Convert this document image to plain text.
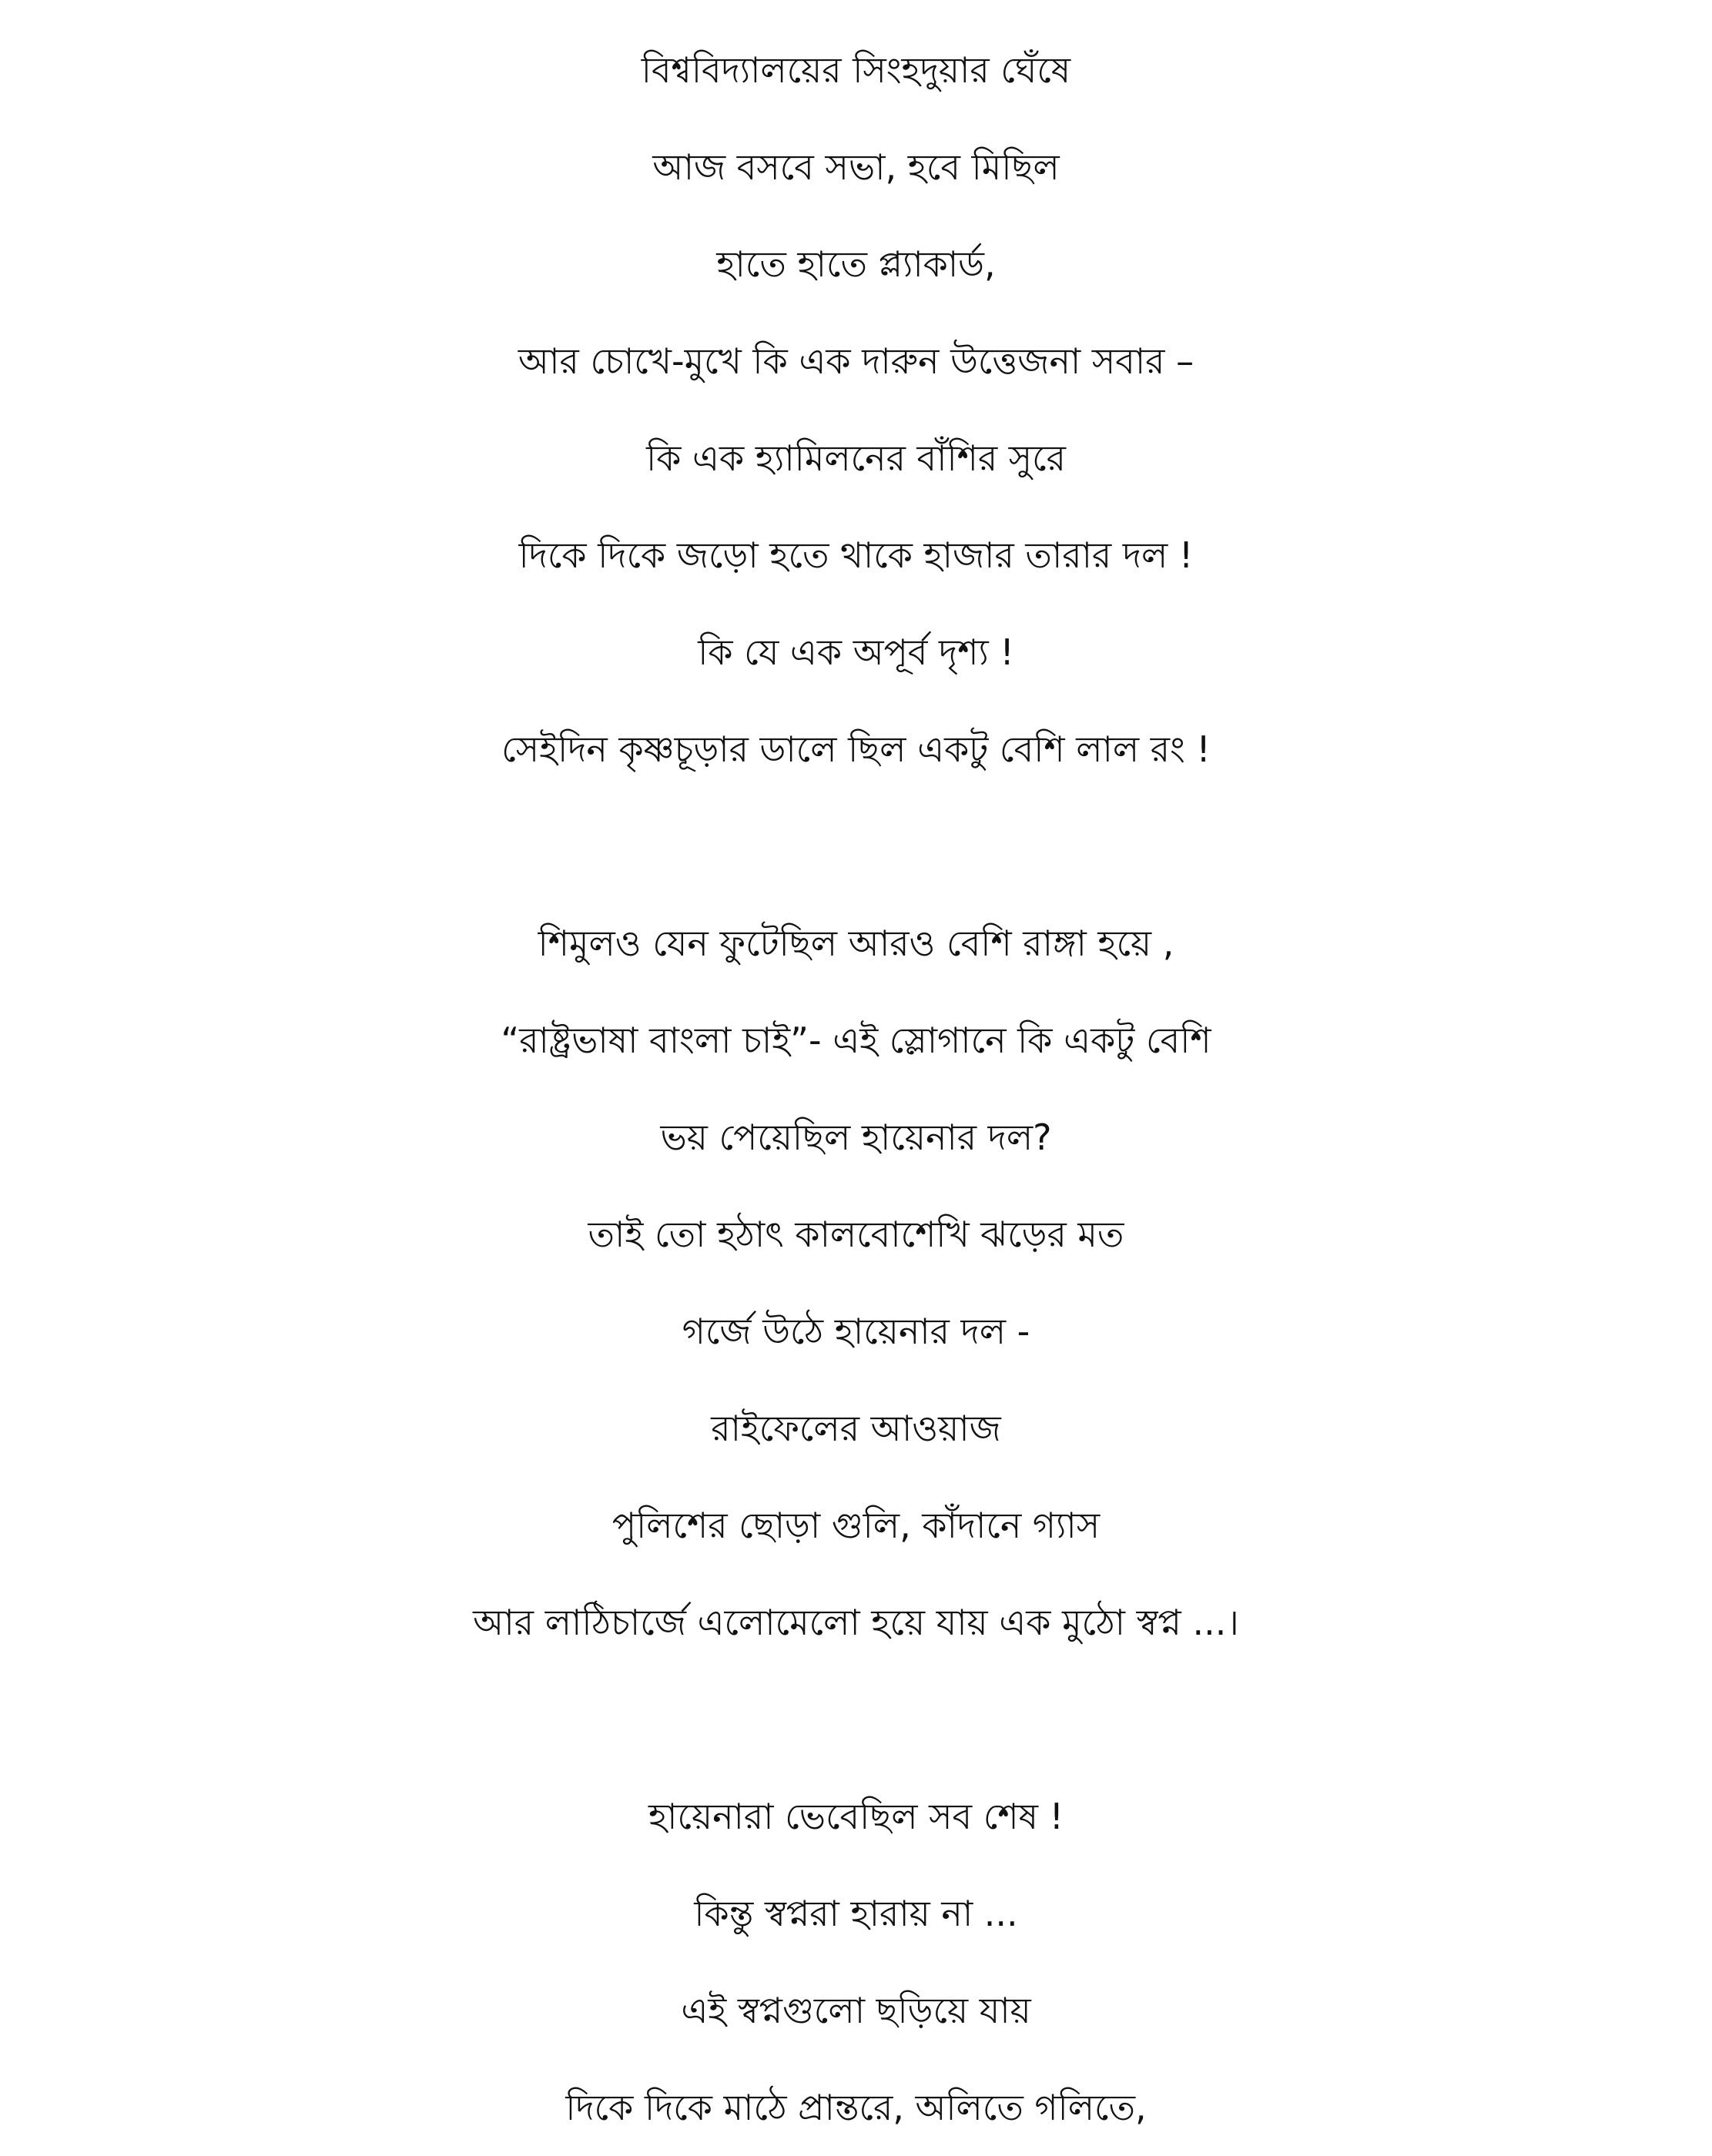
বিশ্ববিদ্যালয়ের সিংহদুয়ার ঘেঁষে
আজ বসবে সভা, হবে মিছিল
হাতে হাতে প্ল্যাকার্ড,
আর চোখে-মুখে কি এক দারুন উত্তেজনা সবার –
কি এক হ্যামিলনের বাঁশির সুরে
দিকে দিকে জড়ো হতে থাকে হাজার তারার দল !
কি যে এক অপূর্ব দৃশ্য !
সেইদিন কৃষ্ণচূড়ার ডালে ছিল একটু বেশি লাল রং !
শিমুলও যেন ফুটেছিল আরও বেশি রাঙ্গা হয়ে ,
“রাষ্ট্রভাষা বাংলা চাই”- এই স্লোগানে কি একটু বেশি
ভয় পেয়েছিল হায়েনার দল?
তাই তো হঠাৎ কালবোশেখি ঝড়ের মত
গর্জে উঠে হায়েনার দল -
রাইফেলের আওয়াজ
পুলিশের ছোড়া গুলি, কাঁদানে গ্যাস
আর লাঠিচার্জে এলোমেলো হয়ে যায় এক মুঠো স্বপ্ন ...।
হায়েনারা ভেবেছিল সব শেষ !
কিন্তু স্বপ্নরা হারায় না ...
এই স্বপ্নগুলো ছড়িয়ে যায়
দিকে দিকে মাঠে প্রান্তরে, অলিতে গলিতে,
